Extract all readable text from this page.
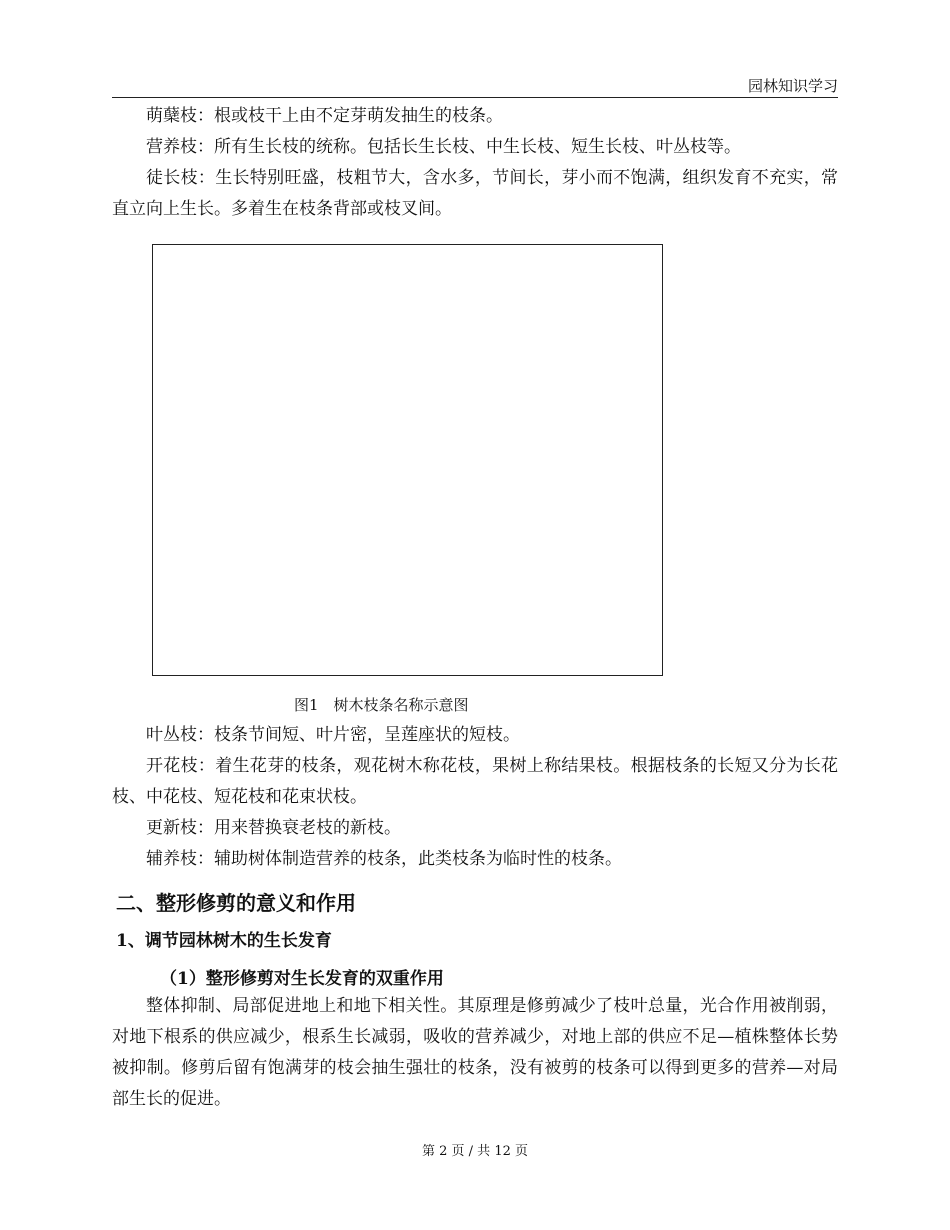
园林知识学习

萌蘖枝：根或枝干上由不定芽萌发抽生的枝条。

营养枝：所有生长枝的统称。包括长生长枝、中生长枝、短生长枝、叶丛枝等。

徒长枝：生长特别旺盛，枝粗节大，含水多，节间长，芽小而不饱满，组织发育不充实，常直立向上生长。多着生在枝条背部或枝叉间。

图1　树木枝条名称示意图

叶丛枝：枝条节间短、叶片密，呈莲座状的短枝。

开花枝：着生花芽的枝条，观花树木称花枝，果树上称结果枝。根据枝条的长短又分为长花枝、中花枝、短花枝和花束状枝。

更新枝：用来替换衰老枝的新枝。

辅养枝：辅助树体制造营养的枝条，此类枝条为临时性的枝条。

二、整形修剪的意义和作用
1、调节园林树木的生长发育
（1）整形修剪对生长发育的双重作用

整体抑制、局部促进地上和地下相关性。其原理是修剪减少了枝叶总量，光合作用被削弱，对地下根系的供应减少，根系生长减弱，吸收的营养减少，对地上部的供应不足—植株整体长势被抑制。修剪后留有饱满芽的枝会抽生强壮的枝条，没有被剪的枝条可以得到更多的营养—对局部生长的促进。

第 2 页 / 共 12 页
